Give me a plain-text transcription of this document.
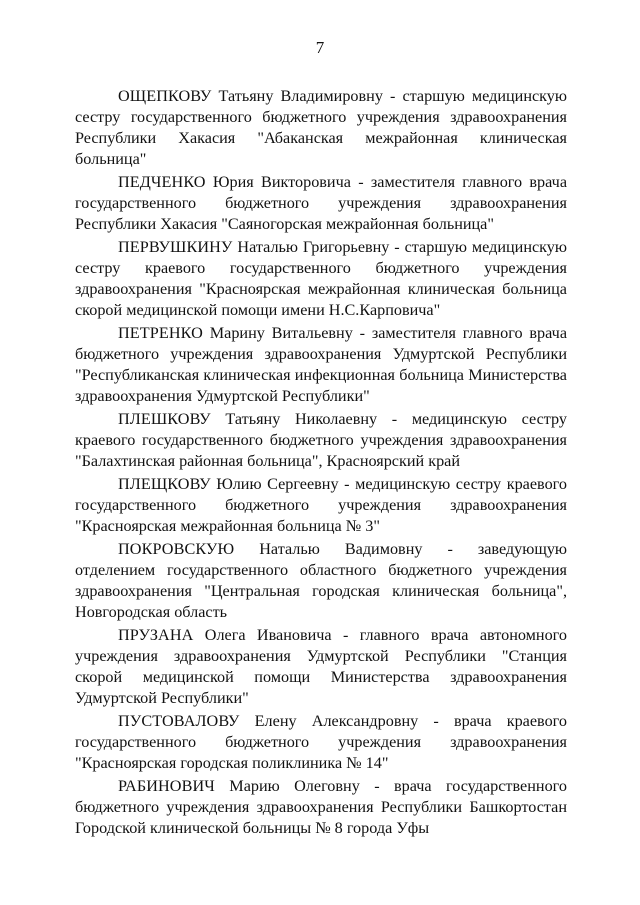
7

ОЩЕПКОВУ Татьяну Владимировну - старшую медицинскую сестру государственного бюджетного учреждения здравоохранения Республики Хакасия "Абаканская межрайонная клиническая больница"

ПЕДЧЕНКО Юрия Викторовича - заместителя главного врача государственного бюджетного учреждения здравоохранения Республики Хакасия "Саяногорская межрайонная больница"

ПЕРВУШКИНУ Наталью Григорьевну - старшую медицинскую сестру краевого государственного бюджетного учреждения здравоохранения "Красноярская межрайонная клиническая больница скорой медицинской помощи имени Н.С.Карповича"

ПЕТРЕНКО Марину Витальевну - заместителя главного врача бюджетного учреждения здравоохранения Удмуртской Республики "Республиканская клиническая инфекционная больница Министерства здравоохранения Удмуртской Республики"

ПЛЕШКОВУ Татьяну Николаевну - медицинскую сестру краевого государственного бюджетного учреждения здравоохранения "Балахтинская районная больница", Красноярский край

ПЛЕЩКОВУ Юлию Сергеевну - медицинскую сестру краевого государственного бюджетного учреждения здравоохранения "Красноярская межрайонная больница № 3"

ПОКРОВСКУЮ Наталью Вадимовну - заведующую отделением государственного областного бюджетного учреждения здравоохранения "Центральная городская клиническая больница", Новгородская область

ПРУЗАНА Олега Ивановича - главного врача автономного учреждения здравоохранения Удмуртской Республики "Станция скорой медицинской помощи Министерства здравоохранения Удмуртской Республики"

ПУСТОВАЛОВУ Елену Александровну - врача краевого государственного бюджетного учреждения здравоохранения "Красноярская городская поликлиника № 14"

РАБИНОВИЧ Марию Олеговну - врача государственного бюджетного учреждения здравоохранения Республики Башкортостан Городской клинической больницы № 8 города Уфы
